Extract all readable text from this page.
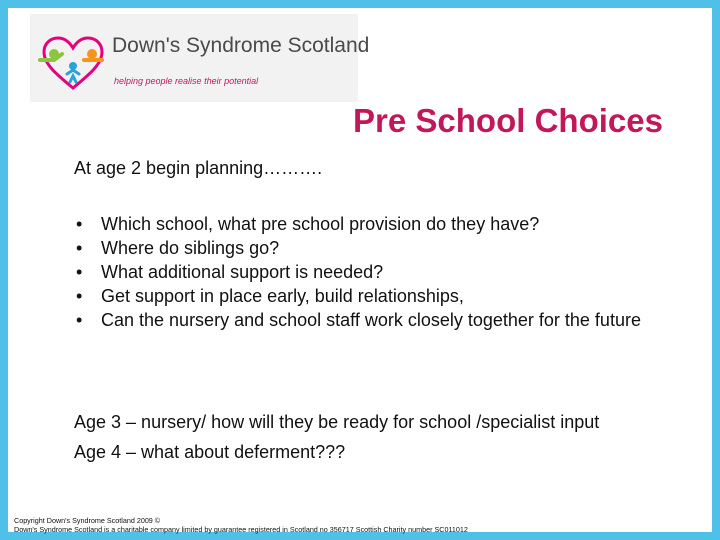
Down's Syndrome Scotland
helping people realise their potential
Pre School Choices
At age 2 begin planning……….
• Which school, what pre school provision do they have?
• Where do siblings go?
• What additional support is needed?
• Get support in place early, build relationships,
• Can the nursery and school staff work closely together for the future
Age 3 – nursery/ how will they be ready for school /specialist input
Age 4 – what about deferment???
Copyright Down's Syndrome Scotland 2009 ©
Down's Syndrome Scotland is a charitable company limited by guarantee registered in Scotland no 356717 Scottish Charity number SC011012
